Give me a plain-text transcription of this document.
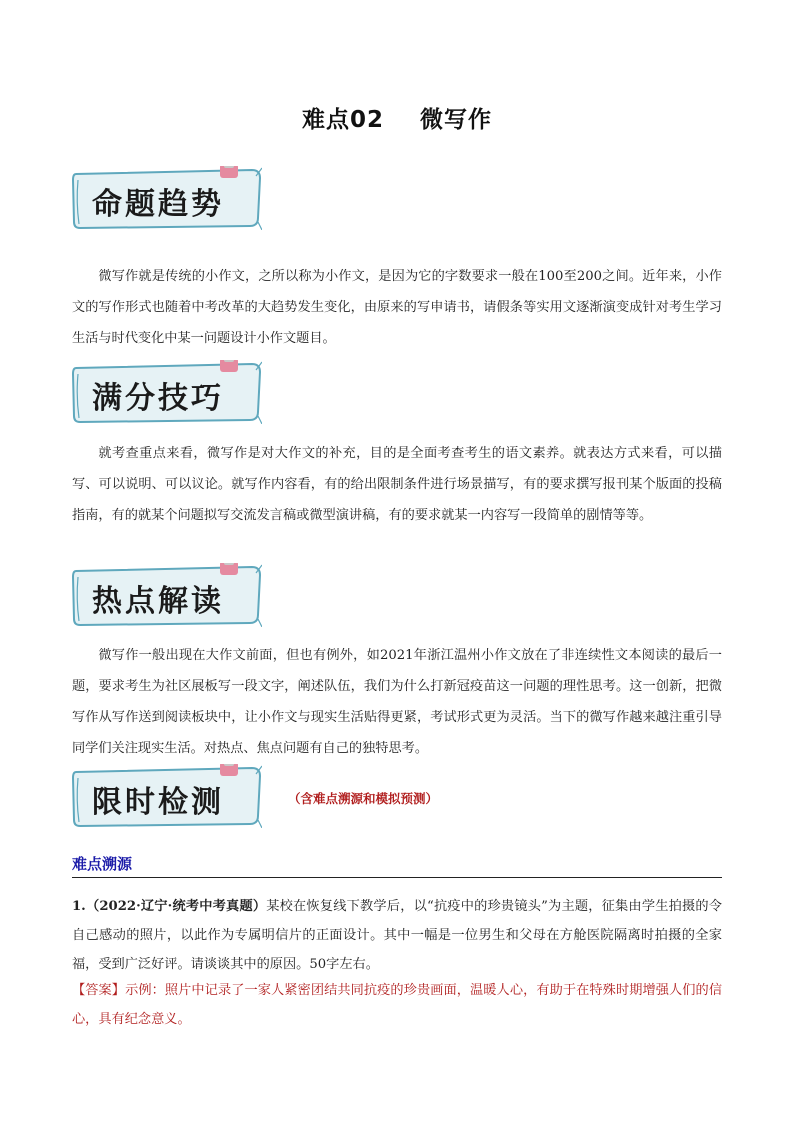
难点02 微写作
命题趋势
微写作就是传统的小作文，之所以称为小作文，是因为它的字数要求一般在100至200之间。近年来，小作文的写作形式也随着中考改革的大趋势发生变化，由原来的写申请书，请假条等实用文逐渐演变成针对考生学习生活与时代变化中某一问题设计小作文题目。
满分技巧
就考查重点来看，微写作是对大作文的补充，目的是全面考查考生的语文素养。就表达方式来看，可以描写、可以说明、可以议论。就写作内容看，有的给出限制条件进行场景描写，有的要求撰写报刊某个版面的投稿指南，有的就某个问题拟写交流发言稿或微型演讲稿，有的要求就某一内容写一段简单的剧情等等。
热点解读
微写作一般出现在大作文前面，但也有例外，如2021年浙江温州小作文放在了非连续性文本阅读的最后一题，要求考生为社区展板写一段文字，阐述队伍，我们为什么打新冠疫苗这一问题的理性思考。这一创新，把微写作从写作送到阅读板块中，让小作文与现实生活贴得更紧，考试形式更为灵活。当下的微写作越来越注重引导同学们关注现实生活。对热点、焦点问题有自己的独特思考。
限时检测	（含难点溯源和模拟预测）
难点溯源
1.（2022·辽宁·统考中考真题）某校在恢复线下教学后，以“抗疫中的珍贵镜头”为主题，征集由学生拍摄的令自己感动的照片，以此作为专属明信片的正面设计。其中一幅是一位男生和父母在方舱医院隔离时拍摄的全家福，受到广泛好评。请谈谈其中的原因。50字左右。
【答案】示例：照片中记录了一家人紧密团结共同抗疫的珍贵画面，温暖人心，有助于在特殊时期增强人们的信心，具有纪念意义。
